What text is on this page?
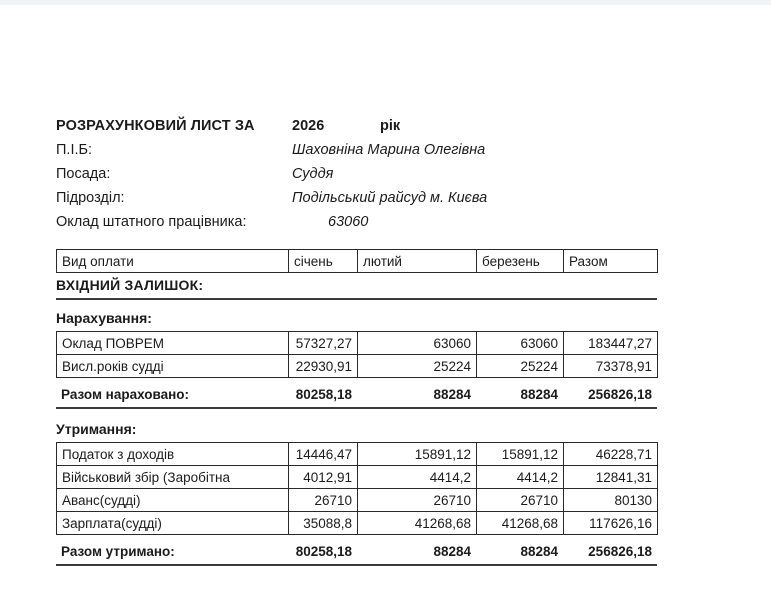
РОЗРАХУНКОВИЙ ЛИСТ ЗА	2026	рік
П.І.Б:	Шаховніна Марина Олегівна
Посада:	Суддя
Підрозділ:	Подільський райсуд м. Києва
Оклад штатного працівника:	63060
Вид оплати	січень	лютий	березень	Разом
ВХІДНИЙ ЗАЛИШОК:
Нарахування:
Оклад ПОВРЕМ	57327,27	63060	63060	183447,27
Висл.років судді	22930,91	25224	25224	73378,91
Разом нараховано:	80258,18	88284	88284	256826,18
Утримання:
Податок з доходів	14446,47	15891,12	15891,12	46228,71
Військовий збір (Заробітна	4012,91	4414,2	4414,2	12841,31
Аванс(судді)	26710	26710	26710	80130
Зарплата(судді)	35088,8	41268,68	41268,68	117626,16
Разом утримано:	80258,18	88284	88284	256826,18
